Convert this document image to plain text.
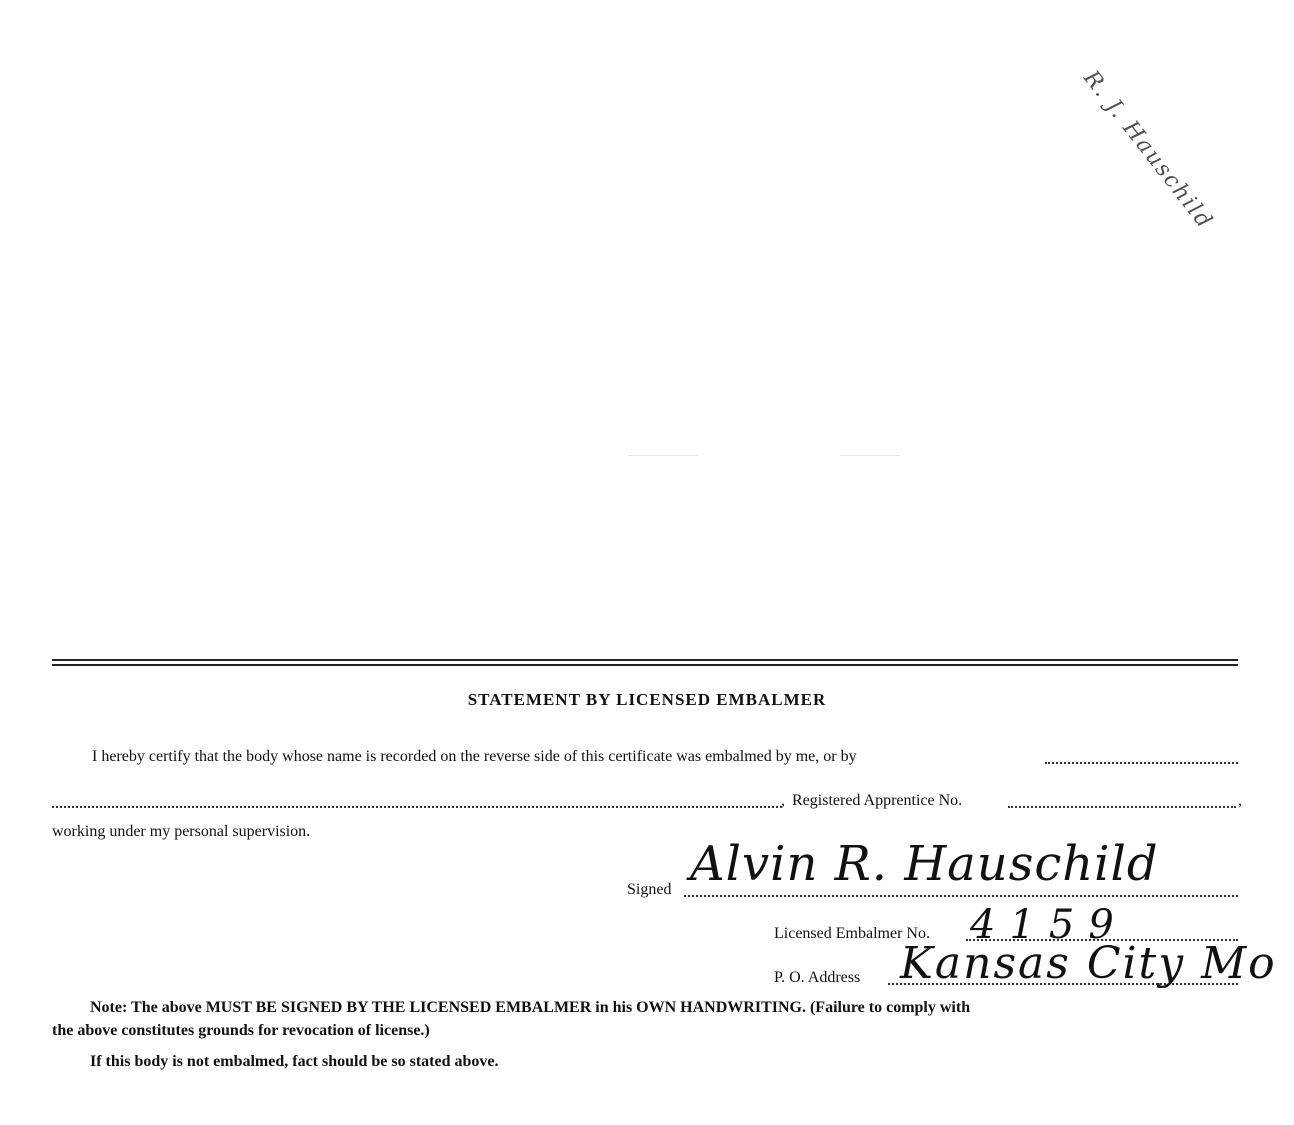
R. J. Hauschild
STATEMENT BY LICENSED EMBALMER
I hereby certify that the body whose name is recorded on the reverse side of this certificate was embalmed by me, or by
, Registered Apprentice No.	,
working under my personal supervision.
Signed Alvin R. Hauschild
Licensed Embalmer No. 4159
P. O. Address Kansas City Mo
Note: The above MUST BE SIGNED BY THE LICENSED EMBALMER in his OWN HANDWRITING. (Failure to comply with
the above constitutes grounds for revocation of license.)
If this body is not embalmed, fact should be so stated above.
